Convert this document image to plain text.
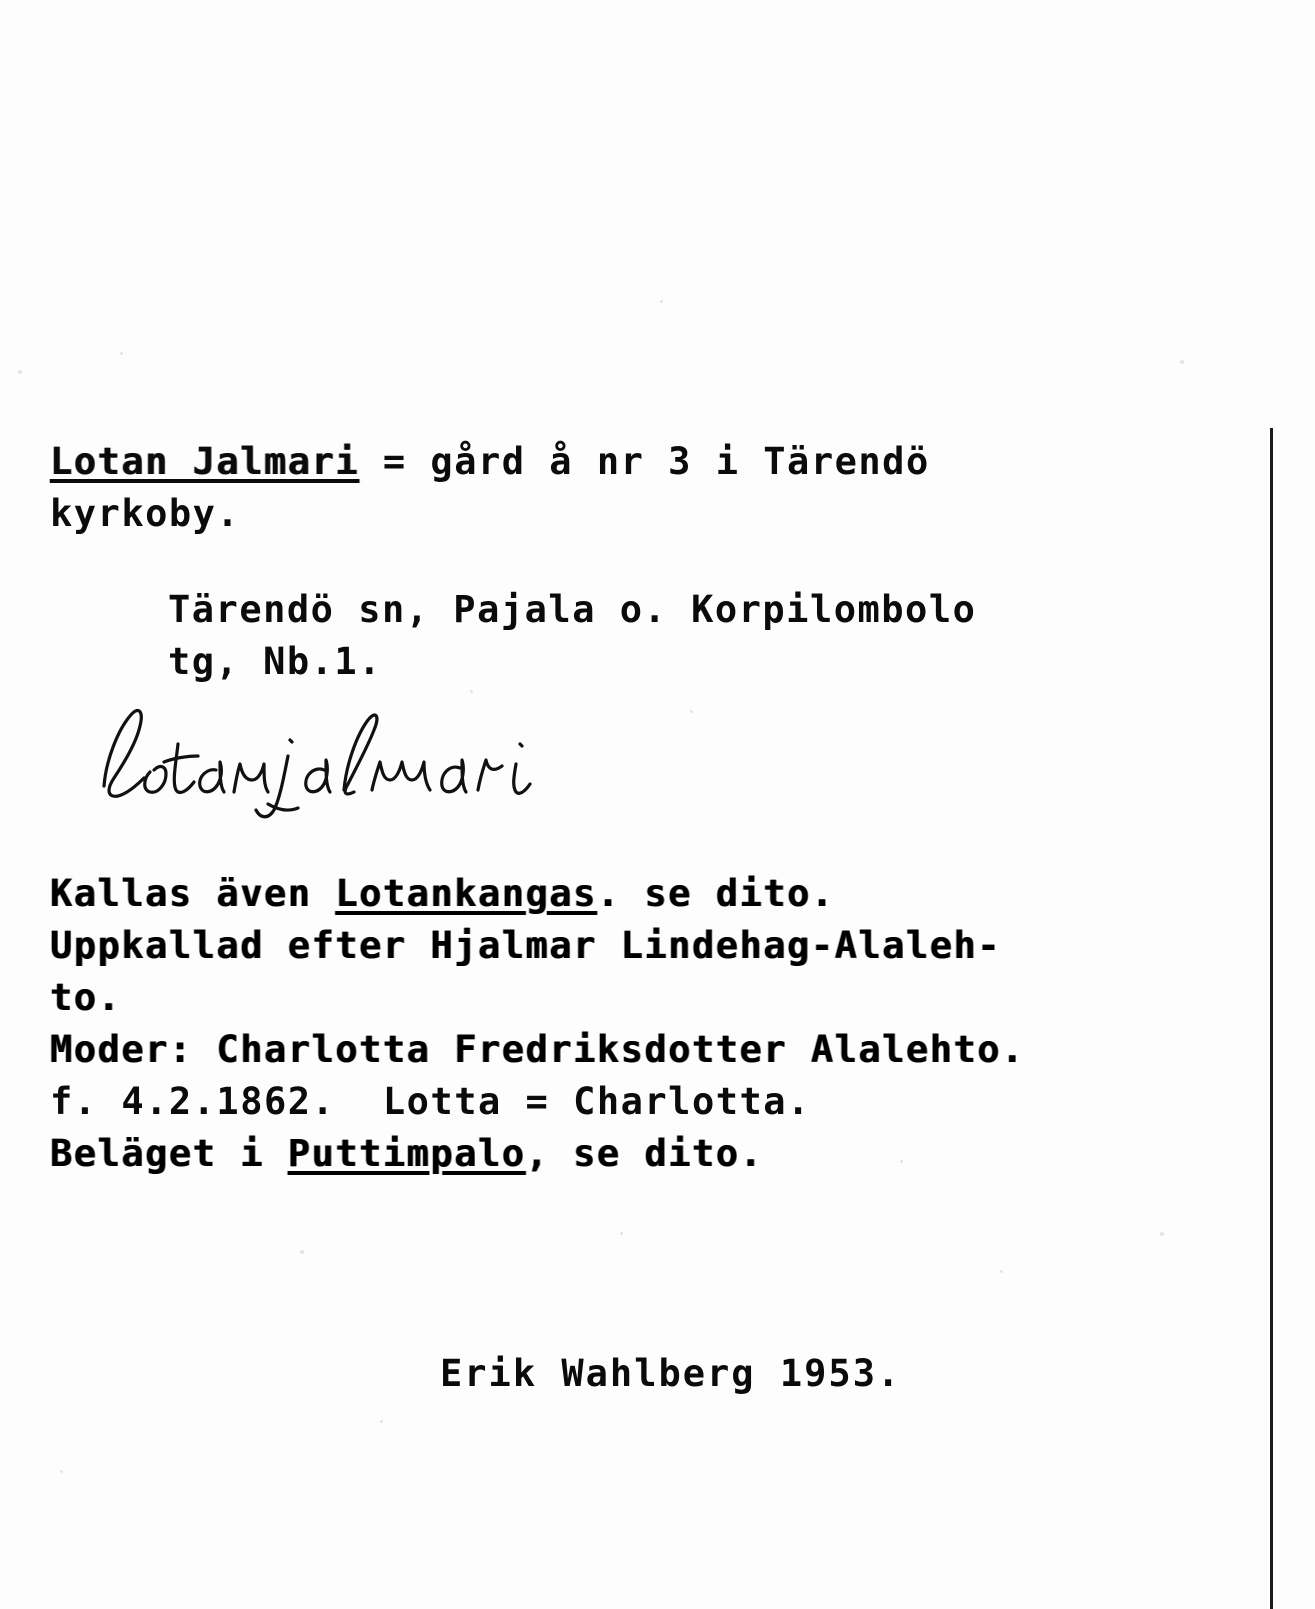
Lotan Jalmari = gård å nr 3 i Tärendö
kyrkoby.
Tärendö sn, Pajala o. Korpilombolo
tg, Nb.1.
Kallas även Lotankangas. se dito.
Uppkallad efter Hjalmar Lindehag-Alaleh-
to.
Moder: Charlotta Fredriksdotter Alalehto.
f. 4.2.1862.  Lotta = Charlotta.
Beläget i Puttimpalo, se dito.
Erik Wahlberg 1953.
